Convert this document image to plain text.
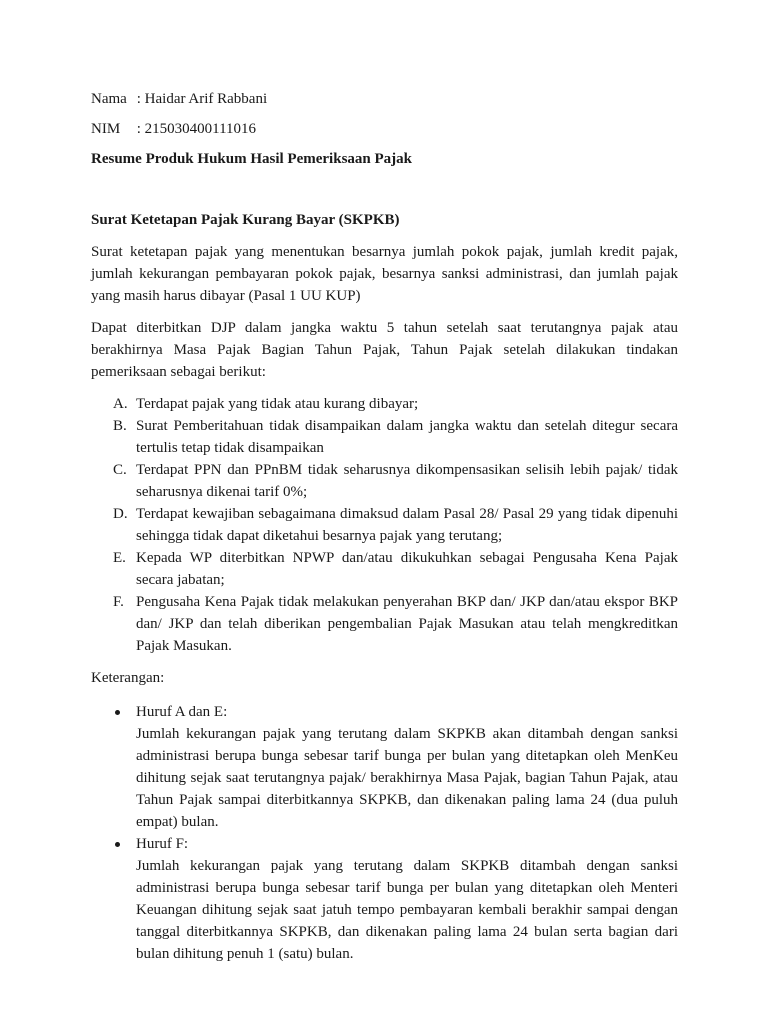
Nama : Haidar Arif Rabbani

NIM : 215030400111016

Resume Produk Hukum Hasil Pemeriksaan Pajak

Surat Ketetapan Pajak Kurang Bayar (SKPKB)

Surat ketetapan pajak yang menentukan besarnya jumlah pokok pajak, jumlah kredit pajak, jumlah kekurangan pembayaran pokok pajak, besarnya sanksi administrasi, dan jumlah pajak yang masih harus dibayar (Pasal 1 UU KUP)

Dapat diterbitkan DJP dalam jangka waktu 5 tahun setelah saat terutangnya pajak atau berakhirnya Masa Pajak Bagian Tahun Pajak, Tahun Pajak setelah dilakukan tindakan pemeriksaan sebagai berikut:

A. Terdapat pajak yang tidak atau kurang dibayar;
B. Surat Pemberitahuan tidak disampaikan dalam jangka waktu dan setelah ditegur secara tertulis tetap tidak disampaikan
C. Terdapat PPN dan PPnBM tidak seharusnya dikompensasikan selisih lebih pajak/ tidak seharusnya dikenai tarif 0%;
D. Terdapat kewajiban sebagaimana dimaksud dalam Pasal 28/ Pasal 29 yang tidak dipenuhi sehingga tidak dapat diketahui besarnya pajak yang terutang;
E. Kepada WP diterbitkan NPWP dan/atau dikukuhkan sebagai Pengusaha Kena Pajak secara jabatan;
F. Pengusaha Kena Pajak tidak melakukan penyerahan BKP dan/ JKP dan/atau ekspor BKP dan/ JKP dan telah diberikan pengembalian Pajak Masukan atau telah mengkreditkan Pajak Masukan.

Keterangan:

Huruf A dan E:
Jumlah kekurangan pajak yang terutang dalam SKPKB akan ditambah dengan sanksi administrasi berupa bunga sebesar tarif bunga per bulan yang ditetapkan oleh MenKeu dihitung sejak saat terutangnya pajak/ berakhirnya Masa Pajak, bagian Tahun Pajak, atau Tahun Pajak sampai diterbitkannya SKPKB, dan dikenakan paling lama 24 (dua puluh empat) bulan.
Huruf F:
Jumlah kekurangan pajak yang terutang dalam SKPKB ditambah dengan sanksi administrasi berupa bunga sebesar tarif bunga per bulan yang ditetapkan oleh Menteri Keuangan dihitung sejak saat jatuh tempo pembayaran kembali berakhir sampai dengan tanggal diterbitkannya SKPKB, dan dikenakan paling lama 24 bulan serta bagian dari bulan dihitung penuh 1 (satu) bulan.
